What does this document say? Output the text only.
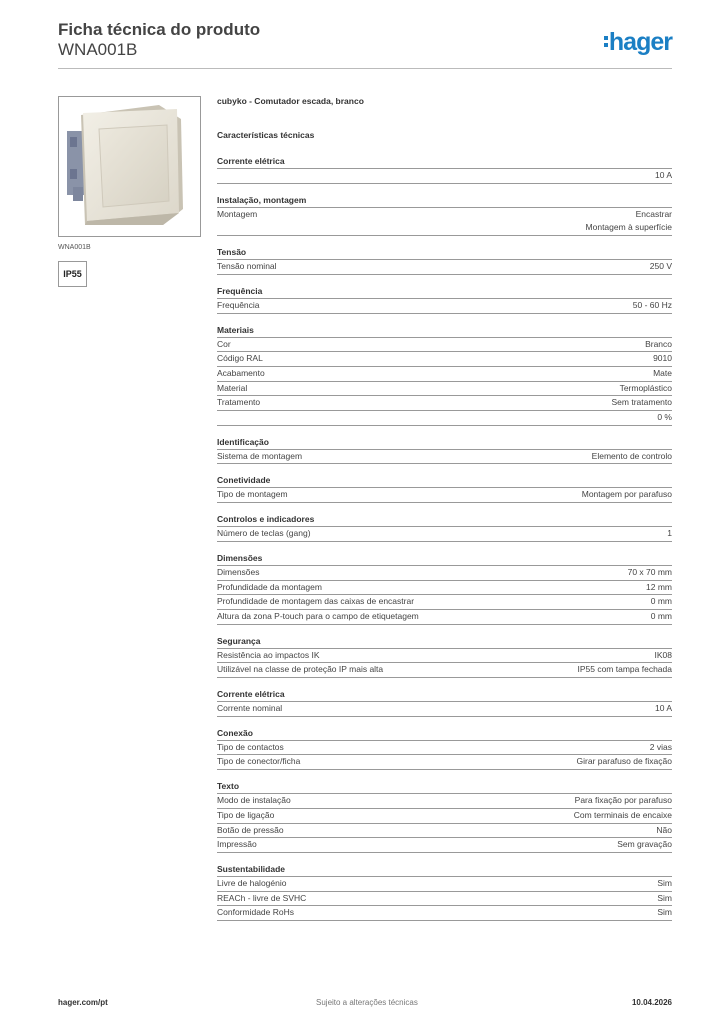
Ficha técnica do produto
WNA001B	hager
WNA001B
IP55
cubyko - Comutador escada, branco
Características técnicas
Corrente elétrica
10 A
Instalação, montagem
Montagem	Encastrar
Montagem à superfície
Tensão
Tensão nominal	250 V
Frequência
Frequência	50 - 60 Hz
Materiais
Cor	Branco
Código RAL	9010
Acabamento	Mate
Material	Termoplástico
Tratamento	Sem tratamento
0 %
Identificação
Sistema de montagem	Elemento de controlo
Conetividade
Tipo de montagem	Montagem por parafuso
Controlos e indicadores
Número de teclas (gang)	1
Dimensões
Dimensões	70 x 70 mm
Profundidade da montagem	12 mm
Profundidade de montagem das caixas de encastrar	0 mm
Altura da zona P-touch para o campo de etiquetagem	0 mm
Segurança
Resistência ao impactos IK	IK08
Utilizável na classe de proteção IP mais alta	IP55 com tampa fechada
Corrente elétrica
Corrente nominal	10 A
Conexão
Tipo de contactos	2 vias
Tipo de conector/ficha	Girar parafuso de fixação
Texto
Modo de instalação	Para fixação por parafuso
Tipo de ligação	Com terminais de encaixe
Botão de pressão	Não
Impressão	Sem gravação
Sustentabilidade
Livre de halogénio	Sim
REACh - livre de SVHC	Sim
Conformidade RoHs	Sim
hager.com/pt	Sujeito a alterações técnicas	10.04.2026
